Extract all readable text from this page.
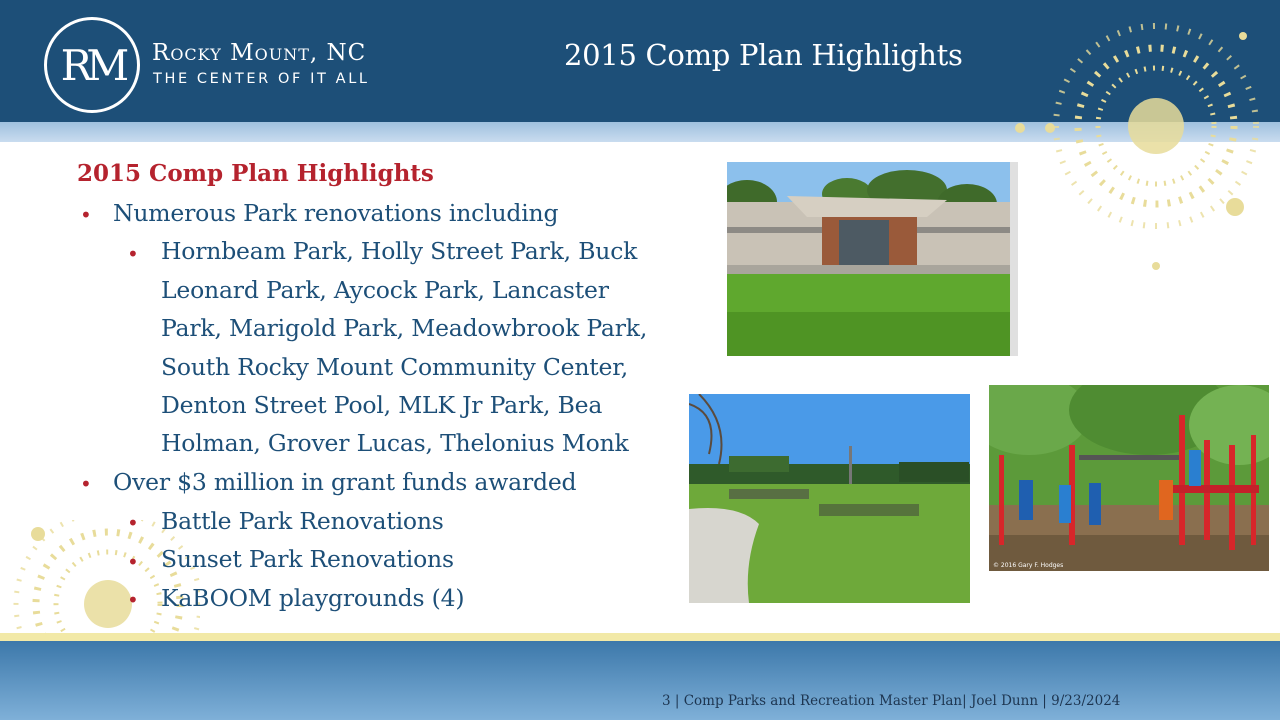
RM Rocky Mount, NC
THE CENTER OF IT ALL
2015 Comp Plan Highlights
2015 Comp Plan Highlights
• Numerous Park renovations including
• Hornbeam Park, Holly Street Park, Buck
Leonard Park, Aycock Park, Lancaster
Park, Marigold Park, Meadowbrook Park,
South Rocky Mount Community Center,
Denton Street Pool, MLK Jr Park, Bea
Holman, Grover Lucas, Thelonius Monk
• Over $3 million in grant funds awarded
• Battle Park Renovations
• Sunset Park Renovations
• KaBOOM playgrounds (4)
© 2016 Gary F. Hodges
3 | Comp Parks and Recreation Master Plan| Joel Dunn | 9/23/2024
